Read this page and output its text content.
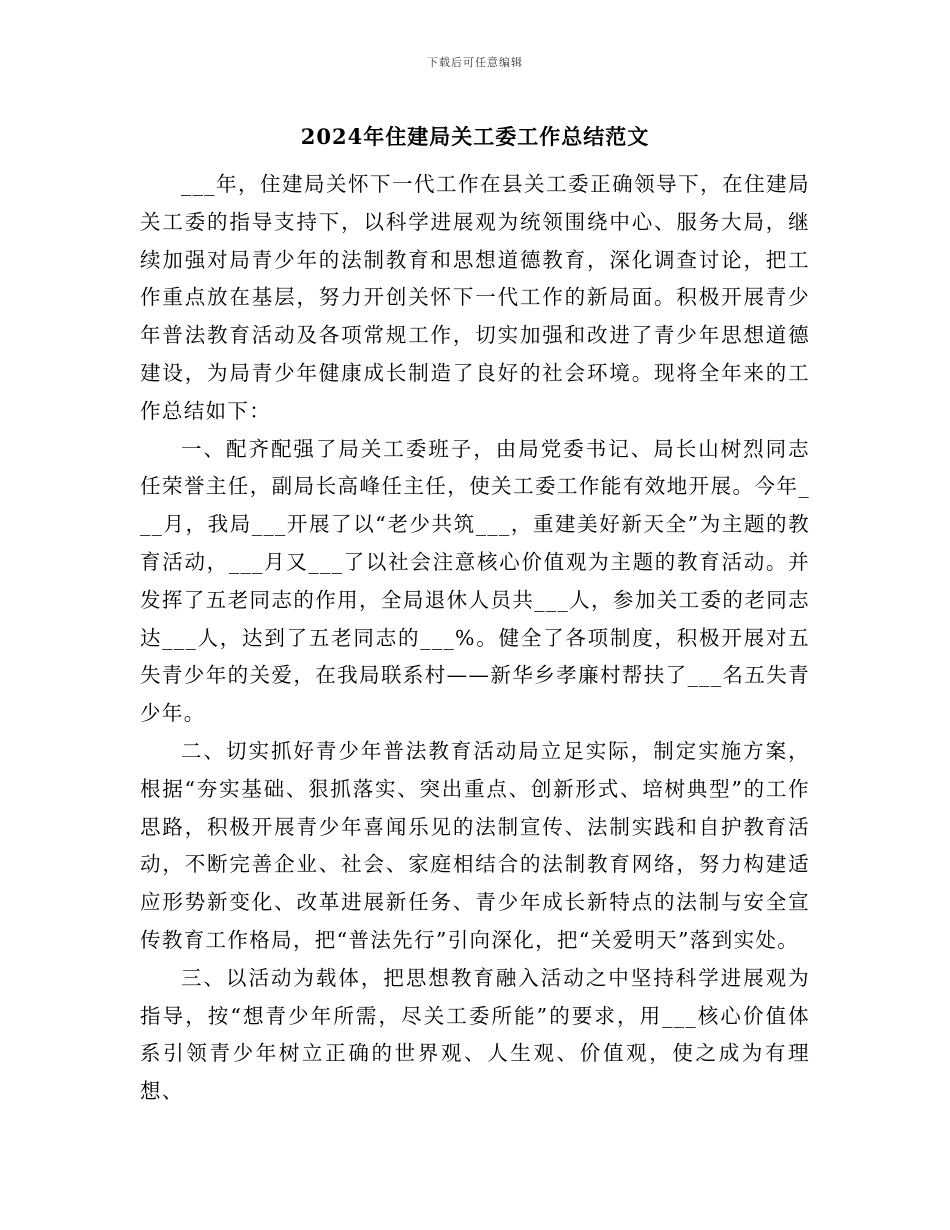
下载后可任意编辑
2024年住建局关工委工作总结范文

___年，住建局关怀下一代工作在县关工委正确领导下，在住建局关工委的指导支持下，以科学进展观为统领围绕中心、服务大局，继续加强对局青少年的法制教育和思想道德教育，深化调查讨论，把工作重点放在基层，努力开创关怀下一代工作的新局面。积极开展青少年普法教育活动及各项常规工作，切实加强和改进了青少年思想道德建设，为局青少年健康成长制造了良好的社会环境。现将全年来的工作总结如下：

一、配齐配强了局关工委班子，由局党委书记、局长山树烈同志任荣誉主任，副局长高峰任主任，使关工委工作能有效地开展。今年___月，我局___开展了以“老少共筑___，重建美好新天全”为主题的教育活动，___月又___了以社会注意核心价值观为主题的教育活动。并发挥了五老同志的作用，全局退休人员共___人，参加关工委的老同志达___人，达到了五老同志的___%。健全了各项制度，积极开展对五失青少年的关爱，在我局联系村——新华乡孝廉村帮扶了___名五失青少年。

二、切实抓好青少年普法教育活动局立足实际，制定实施方案，根据“夯实基础、狠抓落实、突出重点、创新形式、培树典型”的工作思路，积极开展青少年喜闻乐见的法制宣传、法制实践和自护教育活动，不断完善企业、社会、家庭相结合的法制教育网络，努力构建适应形势新变化、改革进展新任务、青少年成长新特点的法制与安全宣传教育工作格局，把“普法先行”引向深化，把“关爱明天”落到实处。

三、以活动为载体，把思想教育融入活动之中坚持科学进展观为指导，按“想青少年所需，尽关工委所能”的要求，用___核心价值体系引领青少年树立正确的世界观、人生观、价值观，使之成为有理想、
